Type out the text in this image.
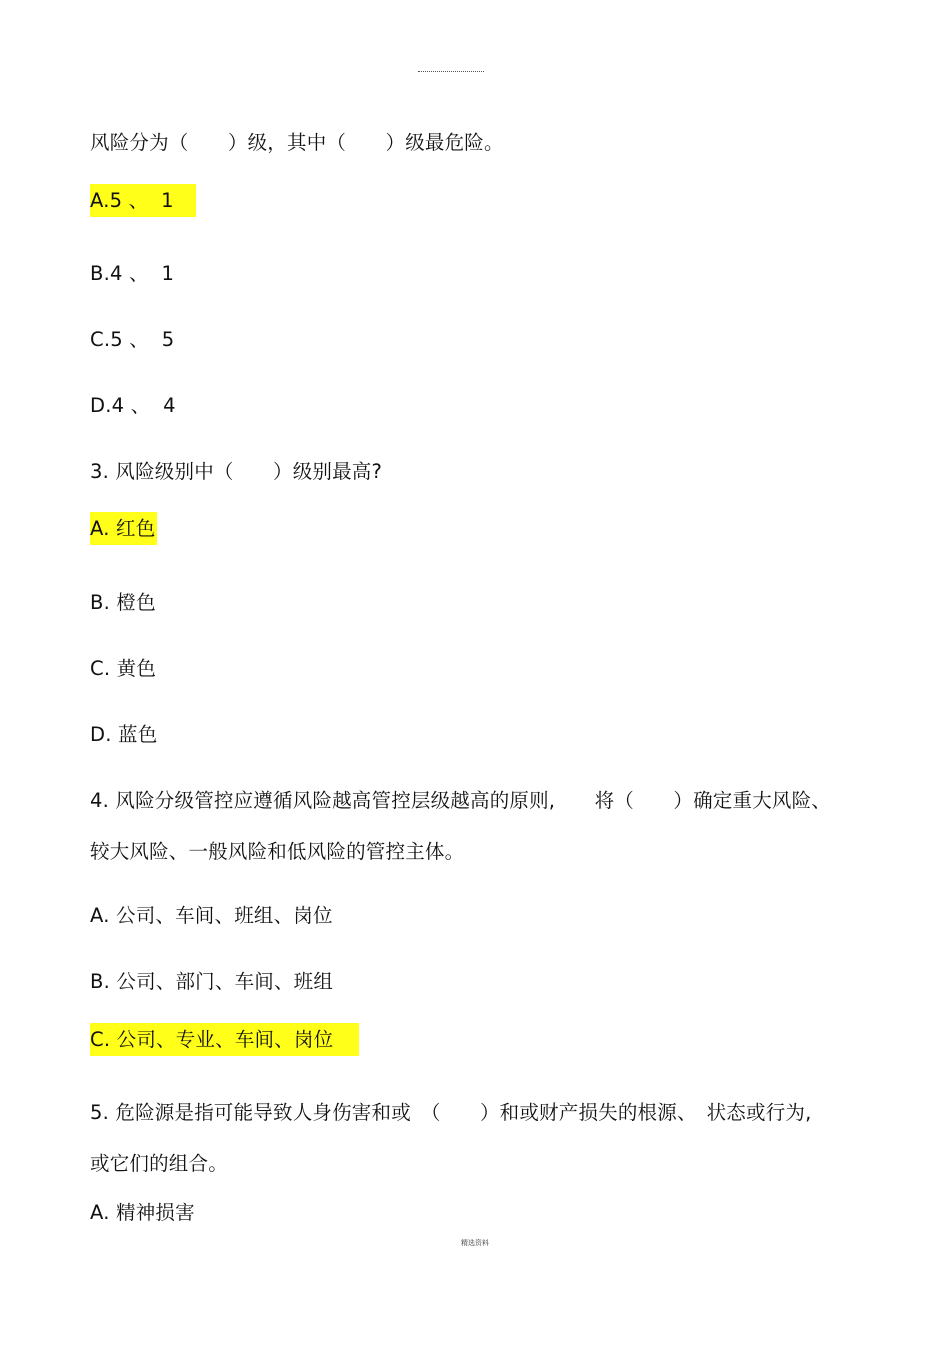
风险分为（　　）级，其中（　　）级最危险。
A.5 、  1
B.4 、  1
C.5 、  5
D.4 、  4
3. 风险级别中（　　）级别最高?
A. 红色
B. 橙色
C. 黄色
D. 蓝色
4. 风险分级管控应遵循风险越高管控层级越高的原则,　　将（　　）确定重大风险、
较大风险、一般风险和低风险的管控主体。
A. 公司、车间、班组、岗位
B. 公司、部门、车间、班组
C. 公司、专业、车间、岗位
5. 危险源是指可能导致人身伤害和或　（　　）和或财产损失的根源、　状态或行为,
或它们的组合。
A. 精神损害
精选资料
